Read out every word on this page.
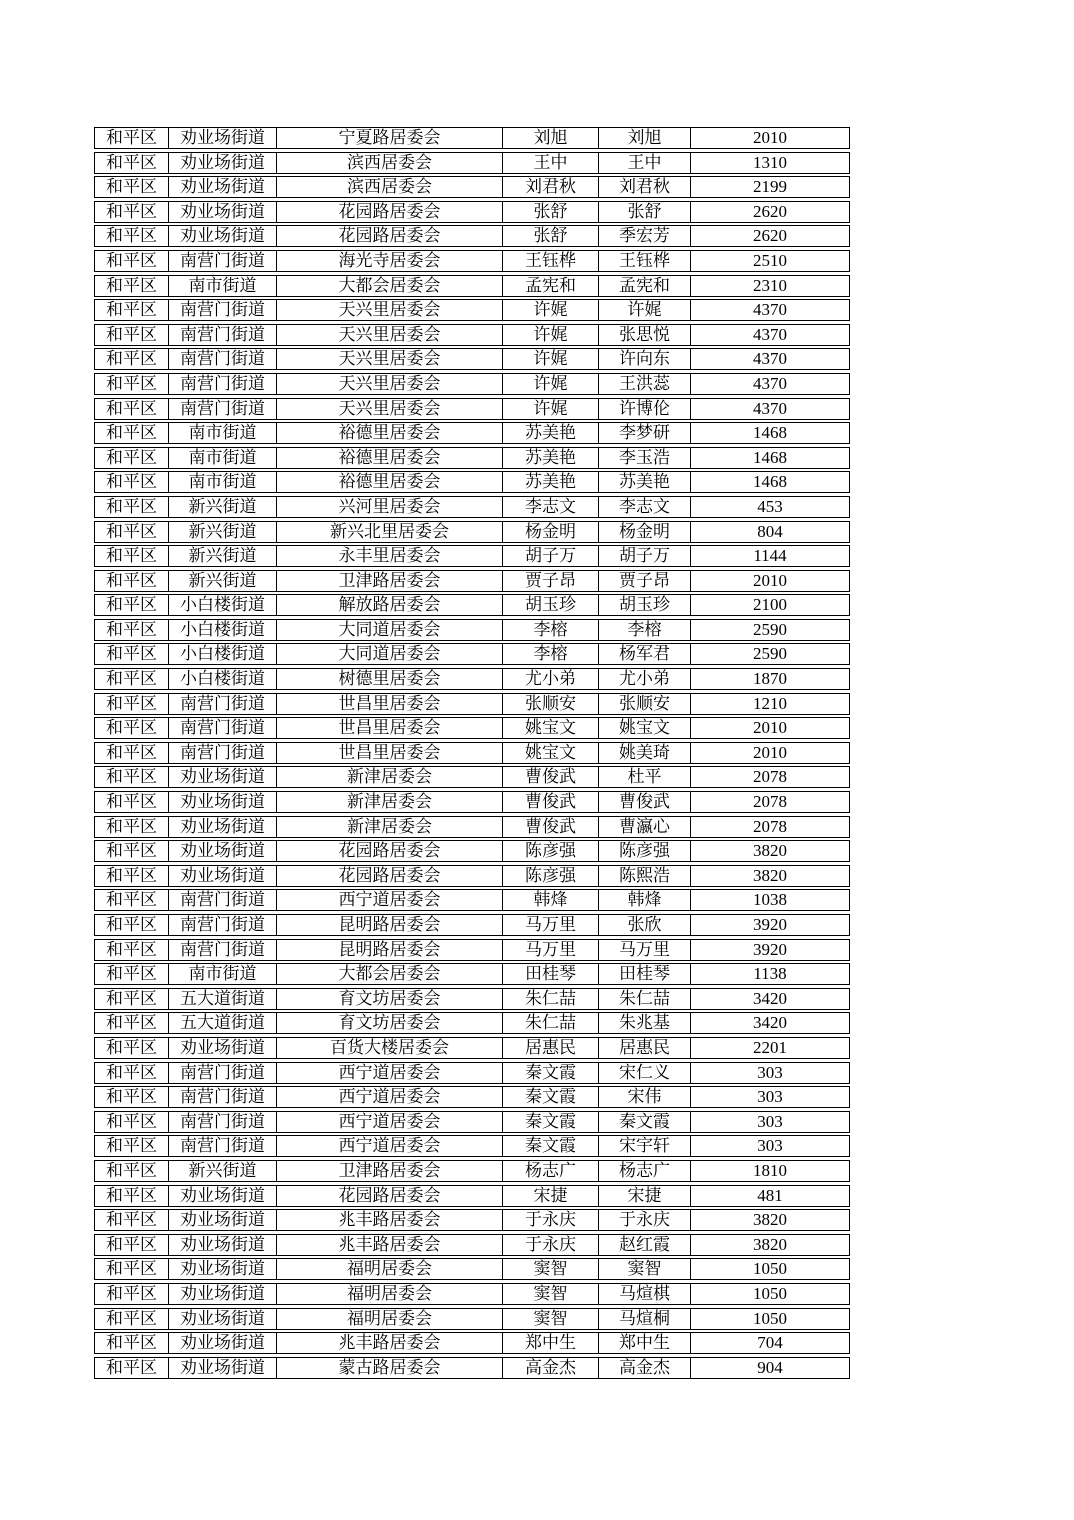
和平区	劝业场街道	宁夏路居委会	刘旭	刘旭	2010
和平区	劝业场街道	滨西居委会	王中	王中	1310
和平区	劝业场街道	滨西居委会	刘君秋	刘君秋	2199
和平区	劝业场街道	花园路居委会	张舒	张舒	2620
和平区	劝业场街道	花园路居委会	张舒	季宏芳	2620
和平区	南营门街道	海光寺居委会	王钰桦	王钰桦	2510
和平区	南市街道	大都会居委会	孟宪和	孟宪和	2310
和平区	南营门街道	天兴里居委会	许娓	许娓	4370
和平区	南营门街道	天兴里居委会	许娓	张思悦	4370
和平区	南营门街道	天兴里居委会	许娓	许向东	4370
和平区	南营门街道	天兴里居委会	许娓	王洪蕊	4370
和平区	南营门街道	天兴里居委会	许娓	许博伦	4370
和平区	南市街道	裕德里居委会	苏美艳	李梦研	1468
和平区	南市街道	裕德里居委会	苏美艳	李玉浩	1468
和平区	南市街道	裕德里居委会	苏美艳	苏美艳	1468
和平区	新兴街道	兴河里居委会	李志文	李志文	453
和平区	新兴街道	新兴北里居委会	杨金明	杨金明	804
和平区	新兴街道	永丰里居委会	胡子万	胡子万	1144
和平区	新兴街道	卫津路居委会	贾子昂	贾子昂	2010
和平区	小白楼街道	解放路居委会	胡玉珍	胡玉珍	2100
和平区	小白楼街道	大同道居委会	李榕	李榕	2590
和平区	小白楼街道	大同道居委会	李榕	杨军君	2590
和平区	小白楼街道	树德里居委会	尤小弟	尤小弟	1870
和平区	南营门街道	世昌里居委会	张顺安	张顺安	1210
和平区	南营门街道	世昌里居委会	姚宝文	姚宝文	2010
和平区	南营门街道	世昌里居委会	姚宝文	姚美琦	2010
和平区	劝业场街道	新津居委会	曹俊武	杜平	2078
和平区	劝业场街道	新津居委会	曹俊武	曹俊武	2078
和平区	劝业场街道	新津居委会	曹俊武	曹瀛心	2078
和平区	劝业场街道	花园路居委会	陈彦强	陈彦强	3820
和平区	劝业场街道	花园路居委会	陈彦强	陈熙浩	3820
和平区	南营门街道	西宁道居委会	韩烽	韩烽	1038
和平区	南营门街道	昆明路居委会	马万里	张欣	3920
和平区	南营门街道	昆明路居委会	马万里	马万里	3920
和平区	南市街道	大都会居委会	田桂琴	田桂琴	1138
和平区	五大道街道	育文坊居委会	朱仁喆	朱仁喆	3420
和平区	五大道街道	育文坊居委会	朱仁喆	朱兆基	3420
和平区	劝业场街道	百货大楼居委会	居惠民	居惠民	2201
和平区	南营门街道	西宁道居委会	秦文霞	宋仁义	303
和平区	南营门街道	西宁道居委会	秦文霞	宋伟	303
和平区	南营门街道	西宁道居委会	秦文霞	秦文霞	303
和平区	南营门街道	西宁道居委会	秦文霞	宋宇轩	303
和平区	新兴街道	卫津路居委会	杨志广	杨志广	1810
和平区	劝业场街道	花园路居委会	宋捷	宋捷	481
和平区	劝业场街道	兆丰路居委会	于永庆	于永庆	3820
和平区	劝业场街道	兆丰路居委会	于永庆	赵红霞	3820
和平区	劝业场街道	福明居委会	窦智	窦智	1050
和平区	劝业场街道	福明居委会	窦智	马煊棋	1050
和平区	劝业场街道	福明居委会	窦智	马煊桐	1050
和平区	劝业场街道	兆丰路居委会	郑中生	郑中生	704
和平区	劝业场街道	蒙古路居委会	高金杰	高金杰	904
